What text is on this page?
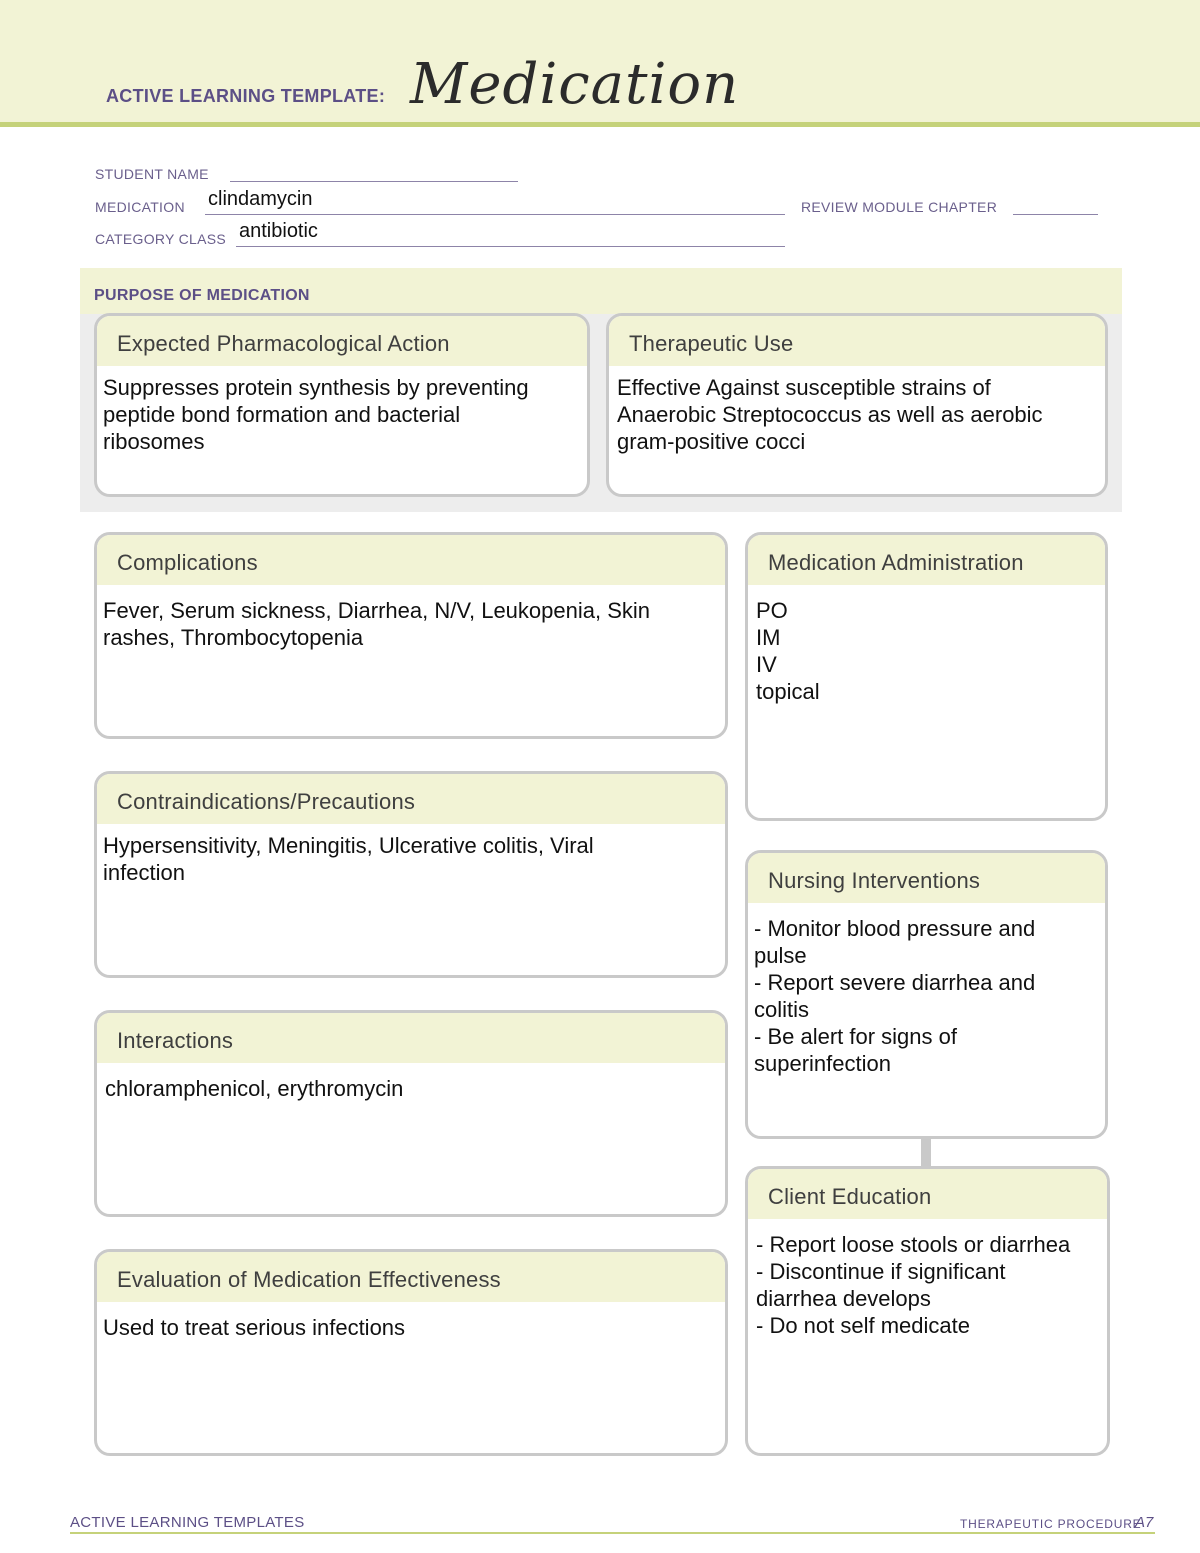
ACTIVE LEARNING TEMPLATE: Medication
STUDENT NAME
MEDICATION clindamycin	REVIEW MODULE CHAPTER
CATEGORY CLASS antibiotic
PURPOSE OF MEDICATION
Expected Pharmacological Action
Suppresses protein synthesis by preventing
peptide bond formation and bacterial
ribosomes
Therapeutic Use
Effective Against susceptible strains of
Anaerobic Streptococcus as well as aerobic
gram-positive cocci
Complications
Fever, Serum sickness, Diarrhea, N/V, Leukopenia, Skin
rashes, Thrombocytopenia
Contraindications/Precautions
Hypersensitivity, Meningitis, Ulcerative colitis, Viral
infection
Interactions
chloramphenicol, erythromycin
Evaluation of Medication Effectiveness
Used to treat serious infections
Medication Administration
PO
IM
IV
topical
Nursing Interventions
- Monitor blood pressure and
pulse
- Report severe diarrhea and
colitis
- Be alert for signs of
superinfection
Client Education
- Report loose stools or diarrhea
- Discontinue if significant
diarrhea develops
- Do not self medicate
ACTIVE LEARNING TEMPLATES	THERAPEUTIC PROCEDURE
A7
